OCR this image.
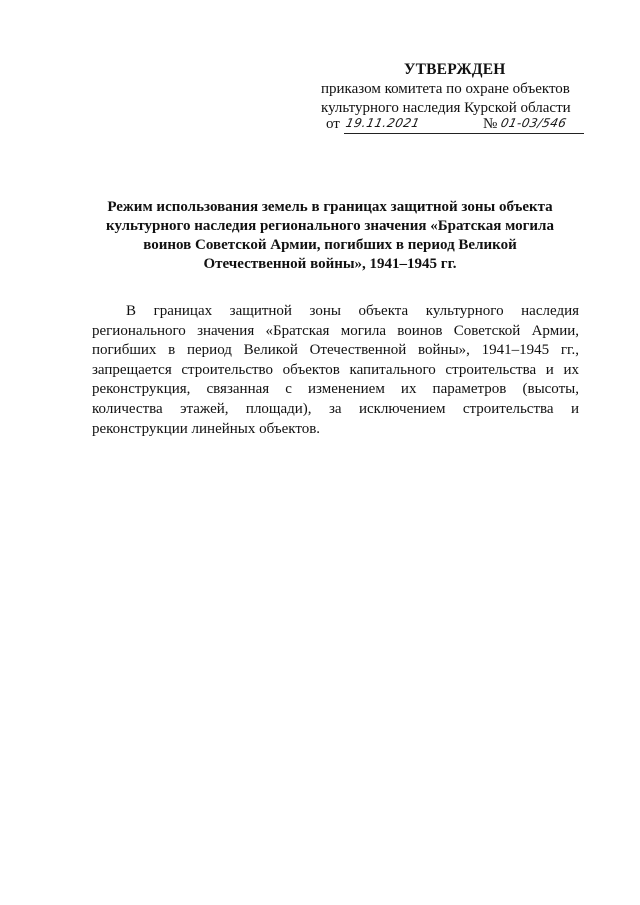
УТВЕРЖДЕН
приказом комитета по охране объектов
культурного наследия Курской области
от 19.11.2021	№ 01-03/546
Режим использования земель в границах защитной зоны объекта культурного наследия регионального значения «Братская могила воинов Советской Армии, погибших в период Великой Отечественной войны», 1941–1945 гг.
В границах защитной зоны объекта культурного наследия регионального значения «Братская могила воинов Советской Армии, погибших в период Великой Отечественной войны», 1941–1945 гг., запрещается строительство объектов капитального строительства и их реконструкция, связанная с изменением их параметров (высоты, количества этажей, площади), за исключением строительства и реконструкции линейных объектов.
